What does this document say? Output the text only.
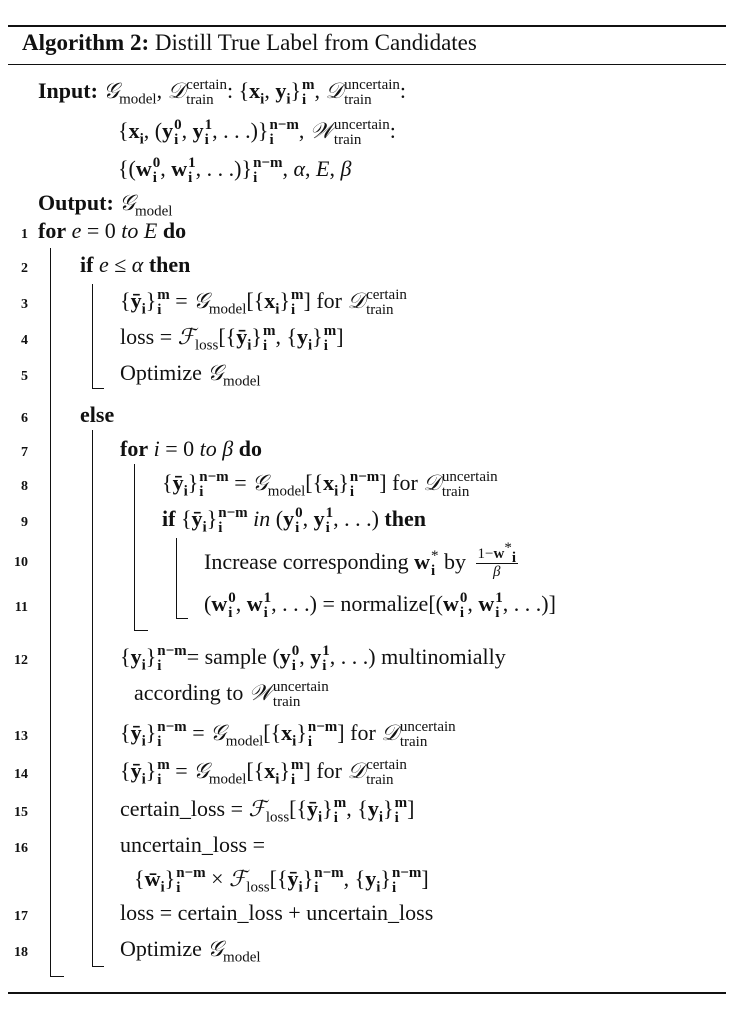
Algorithm 2: Distill True Label from Candidates
Input: 𝒢$_{model}$, 𝒟 certain
train : {$x_i$, $y_i$} m
i , 𝒟 uncertain
train	:
{$x_i$, (y 0
i , y 1
i , . . .)} n−m
i	, 𝒲 uncertain
train	:
{(w 0
i , w 1
i , . . .)} n−m
i	, α, E, β
Output: 𝒢$_{model}$
1 for e = 0 to E do
2 if e ≤ α then
3	$\{ȳ_i\}$ m
$i = 𝒢_{model}[\{x_i\}$ m
i ] for 𝒟 certain
train
4	loss = $ℱ_{loss}[\{ȳ_i\}$ m
i , $\{y_i\}$ m
i ]
5	Optimize 𝒢$_{model}$
6 else
7	for i = 0 to β do
8	$\{ȳ_i\}$ n−m
i	= $𝒢_{model}[\{x_i\}$ n−m
i	] for 𝒟 uncertain
train
9	if $\{ȳ_i\}$ n−m
i	in (y 0
i , y 1
i , . . .) then
10	Increase corresponding w *
i by $\frac{1-w^*_i}{\beta}$
11	(w 0
i , w 1
i , . . .) = normalize[(w 0
i , w 1
i , . . .)]
12	$\{y_i\}$ n−m
i	= sample (y 0
i , y 1
i , . . .) multinomially
according to 𝒲 uncertain
train
13	$\{ȳ_i\}$ n−m
i	= $𝒢_{model}[\{x_i\}$ n−m
i	] for 𝒟 uncertain
train
14	$\{ȳ_i\}$ m
$i = 𝒢_{model}[\{x_i\}$ m
i ] for 𝒟 certain
train
15	certain_loss = $ℱ_{loss}[\{ȳ_i\}$ m
i , $\{y_i\}$ m
i ]
16	uncertain_loss =
$\{w̄_i\}$ n−m
i	× $ℱ_{loss}[\{ȳ_i\}$ n−m
i	, $\{y_i\}$ n−m
i	]
17	loss = certain_loss + uncertain_loss
18	Optimize 𝒢$_{model}$
